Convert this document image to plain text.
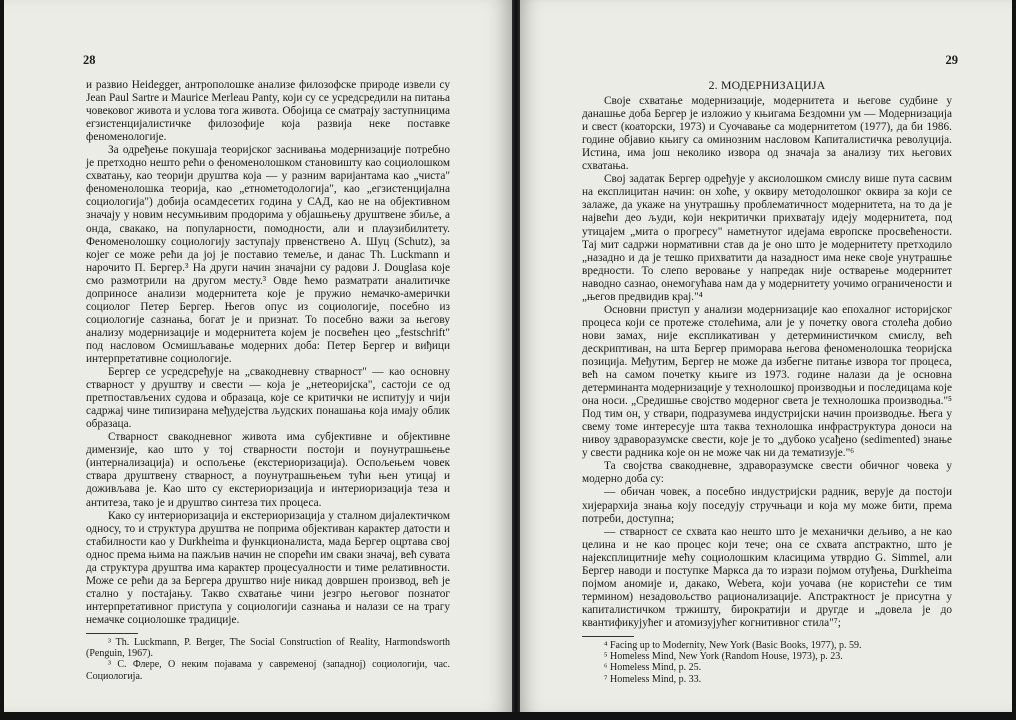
28

и развио Heidegger, антрополошке анализе филозофске природе извели су Jean Paul Sartre и Maurice Merleau Panty, који су се усредсредили на питања човековог живота и услова тога живота. Обојица се сматрају заступницима егзистенцијалистичке филозофије која развија неке поставке феноменологије.

За одређење покушаја теоријског заснивања модернизације потребно је претходно нешто рећи о феноменолошком становишту као социолошком схватању, као теорији друштва која — у разним варијантама као „чиста" феноменолошка теорија, као „етнометодологија", као „егзистенцијална социологија") добија осамдесетих година у САД, као не на објективном значају у новим несумњивим продорима у објашњењу друштвене збиље, а онда, свакако, на популарности, помодности, али и плаузибилитету. Феноменолошку социологију заступају првенствено А. Шуц (Schutz), за којег се може рећи да јој је поставио темеље, и данас Th. Luckmann и нарочито П. Бергер.³ На други начин значајни су радови J. Douglasa које смо размотрили на другом месту.³ Овде ћемо разматрати аналитичке доприносе анализи модернитета које је пружио немачко-амерички социолог Петер Бергер. Његов опус из социологије, посебно из социологије сазнања, богат је и признат. То посебно важи за његову анализу модернизације и модернитета којем је посвећен цео „festschrift" под насловом Осмишљавање модерних доба: Петер Бергер и виђици интерпретативне социологије.

Бергер се усредсређује на „свакодневну стварност" — као основну стварност у друштву и свести — која је „нетеоријска", састоји се од претпостављених судова и образаца, које се критички не испитују и чији садржај чине типизирана међудејства људских понашања која имају облик образаца.

Стварност свакодневног живота има субјективне и објективне димензије, као што у тој стварности постоји и поунутрашњење (интернализација) и оспољење (екстериоризација). Оспољењем човек ствара друштвену стварност, а поунутрашњењем тући њен утицај и доживљава је. Као што су екстериоризација и интериоризација теза и антитеза, тако је и друштво синтеза тих процеса.

Како су интериоризација и екстериоризација у сталном дијалектичком односу, то и структура друштва не поприма објективан карактер датости и стабилности као у Durkheima и функционалиста, мада Бергер оцртава свој однос према њима на пажљив начин не спорећи им свaки значај, већ сувата да структура друштва има карактер процесуалности и тиме релативности. Може се рећи да за Бергера друштво није никад довршен производ, већ је стално у постајању. Такво схватање чини језгро његовог познатог интерпретативног приступа у социологији сазнања и налази се на трагу немачке социолошке традиције.

³ Th. Luckmann, P. Berger, The Social Construction of Reality, Harmondsworth (Penguin, 1967).

³ С. Флере, О неким појавама у савременој (западној) социологији, час. Социологија.

29
2. МОДЕРНИЗАЦИЈА

Своје схватање модернизације, модернитета и његове судбине у данашње доба Бергер је изложио у књигама Бездомни ум — Модернизација и свест (коаторски, 1973) и Суочавање са модернитетом (1977), да би 1986. године објавио књигу са оминозним насловом Капиталистичка револуција. Истина, има још неколико извора од значаја за анализу тих његових схватања.

Свој задатак Бергер одређује у аксиолошком смислу више пута сасвим на експлицитан начин: он хоће, у оквиру методолошког оквира за који се залаже, да укаже на унутрашњу проблематичност модернитета, на то да је највећи део људи, који некритички прихватају идеју модернитета, под утицајем „мита о прогресу" наметнутог идејама европске просвећености. Тај мит садржи нормативни став да је оно што је модернитету претходило „назадно и да је тешко прихватити да назадност има неке своје унутрашње вредности. То слепо веровање у напредак није остварење модернитет наводно сазнао, онемогућава нам да у модернитету уочимо ограничености и „његов предвидив крај."⁴

Основни приступ у анализи модернизације као епохалног историјског процеса који се протеже столећима, али је у почетку овога столећа добио нови замах, није експликативан у детерминистичком смислу, већ дескриптиван, на шта Бергер приморава његова феноменолошка теоријска позиција. Међутим, Бергер не може да избегне питање извора тог процеса, већ на самом почетку књиге из 1973. године налази да је основна детерминанта модернизације у технолошкој производњи и последицама које она носи. „Средишње својство модерног света је технолошка производња."⁵ Под тим он, у ствари, подразумева индустријски начин производње. Њега у свему томе интересује шта таква технолошка инфраструктура доноси на нивоу здраворазумске свести, које је то „дубоко усађено (sedimented) знање у свести радника које он не може чак ни да тематизује."⁶

Та својства свакодневне, здраворазумске свести обичног човека у модерно доба су:

— обичан човек, а посебно индустријски радник, верује да постоји хијерархија знања коју поседују стручњаци и која му може бити, према потреби, доступна;

— стварност се схвата као нешто што је механички дељиво, а не као целина и не као процес који тече; она се схвата апстрактно, што је најексплицитније мећу социолошким класицима утврдио G. Simmel, али Бергер наводи и поступке Маркса да то изрази појмом отуђења, Durkheima појмом аномије и, дакако, Webera, који уочава (не користећи се тим термином) незадовољство рационализације. Апстрактност је присутна у капиталистичком тржишту, бирократији и другде и „довела је до квантификујућег и атомизујућег когнитивног стила"⁷;

⁴ Facing up to Modernity, New York (Basic Books, 1977), p. 59.

⁵ Homeless Mind, New York (Random House, 1973), p. 23.

⁶ Homeless Mind, p. 25.

⁷ Homeless Mind, p. 33.
